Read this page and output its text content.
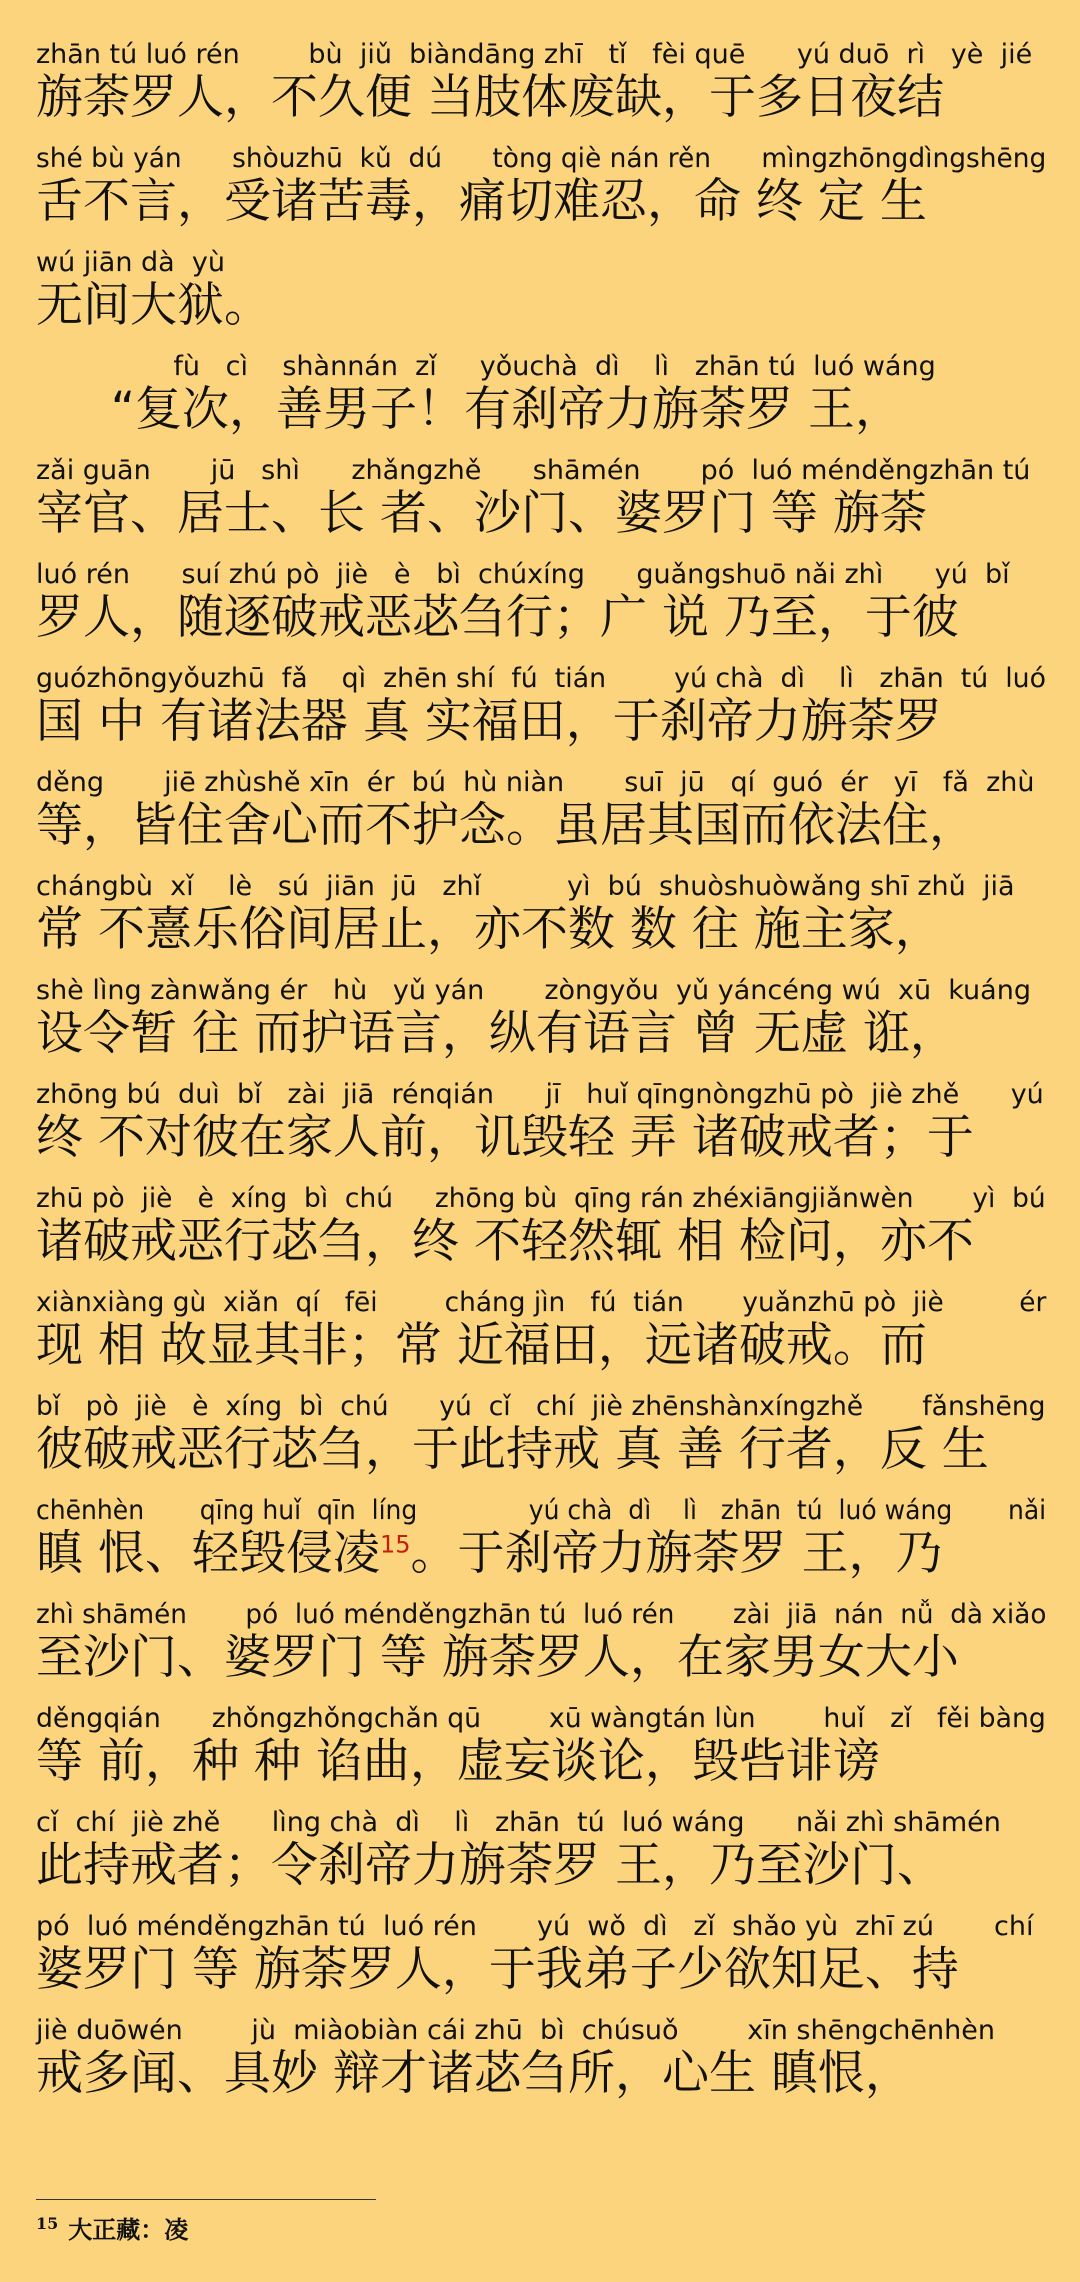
zhān tú luó rén        bù  jiǔ  biàndāng zhī   tǐ   fèi quē      yú duō  rì   yè  jié
旃荼罗人，不久便 当肢体废缺，于多日夜结
shé bù yán      shòuzhū  kǔ  dú      tòng qiè nán rěn      mìngzhōngdìngshēng
舌不言，受诸苦毒，痛切难忍，命 终 定 生
wú jiān dà  yù
无间大狱。
fù   cì    shànnán  zǐ     yǒuchà  dì    lì   zhān tú  luó wáng
“复次，善男子！有刹帝力旃荼罗 王，
zǎi guān       jū   shì      zhǎngzhě      shāmén       pó  luó ménděngzhān tú
宰官、居士、长 者、沙门、婆罗门 等 旃荼
luó rén      suí zhú pò  jiè   è   bì  chúxíng      guǎngshuō nǎi zhì      yú  bǐ
罗人，随逐破戒恶苾刍行；广 说 乃至，于彼
guózhōngyǒuzhū  fǎ    qì  zhēn shí  fú  tián        yú chà  dì    lì   zhān  tú  luó
国 中 有诸法器 真 实福田，于刹帝力旃荼罗
děng       jiē zhùshě xīn  ér  bú  hù niàn       suī  jū   qí  guó  ér   yī   fǎ  zhù
等，皆住舍心而不护念。虽居其国而依法住，
chángbù  xǐ    lè   sú  jiān  jū   zhǐ          yì  bú  shuòshuòwǎng shī zhǔ  jiā
常 不憙乐俗间居止，亦不数 数 往 施主家，
shè lìng zànwǎng ér   hù   yǔ yán       zòngyǒu  yǔ yáncéng wú  xū  kuáng
设令暂 往 而护语言，纵有语言 曾 无虚 诳，
zhōng bú  duì  bǐ   zài  jiā  rénqián      jī   huǐ qīngnòngzhū pò  jiè zhě      yú
终 不对彼在家人前，讥毁轻 弄 诸破戒者；于
zhū pò  jiè   è  xíng  bì  chú     zhōng bù  qīng rán zhéxiāngjiǎnwèn       yì  bú
诸破戒恶行苾刍，终 不轻然辄 相 检问，亦不
xiànxiàng gù  xiǎn  qí   fēi        cháng jìn   fú  tián       yuǎnzhū pò  jiè         ér
现 相 故显其非；常 近福田，远诸破戒。而
bǐ   pò  jiè   è  xíng  bì  chú      yú  cǐ   chí  jiè zhēnshànxíngzhě       fǎnshēng
彼破戒恶行苾刍，于此持戒 真 善 行者，反 生
chēnhèn       qīng huǐ  qīn  líng              yú chà  dì    lì   zhān  tú  luó wáng       nǎi
瞋 恨、轻毁侵凌$^{15}$。于刹帝力旃荼罗 王，乃
zhì shāmén       pó  luó ménděngzhān tú  luó rén       zài  jiā  nán  nǚ  dà xiǎo
至沙门、婆罗门 等 旃荼罗人，在家男女大小
děngqián      zhǒngzhǒngchǎn qū        xū wàngtán lùn        huǐ   zǐ   fěi bàng
等 前，种 种 谄曲，虚妄谈论，毁呰诽谤
cǐ  chí  jiè zhě      lìng chà  dì    lì   zhān  tú  luó wáng      nǎi zhì shāmén
此持戒者；令刹帝力旃荼罗 王，乃至沙门、
pó  luó ménděngzhān tú  luó rén       yú  wǒ  dì   zǐ  shǎo yù  zhī zú       chí
婆罗门 等 旃荼罗人，于我弟子少欲知足、持
jiè duōwén        jù  miàobiàn cái zhū  bì  chúsuǒ        xīn shēngchēnhèn
戒多闻、具妙 辩才诸苾刍所，心生 瞋恨，
$^{15}$ 大正藏：凌
